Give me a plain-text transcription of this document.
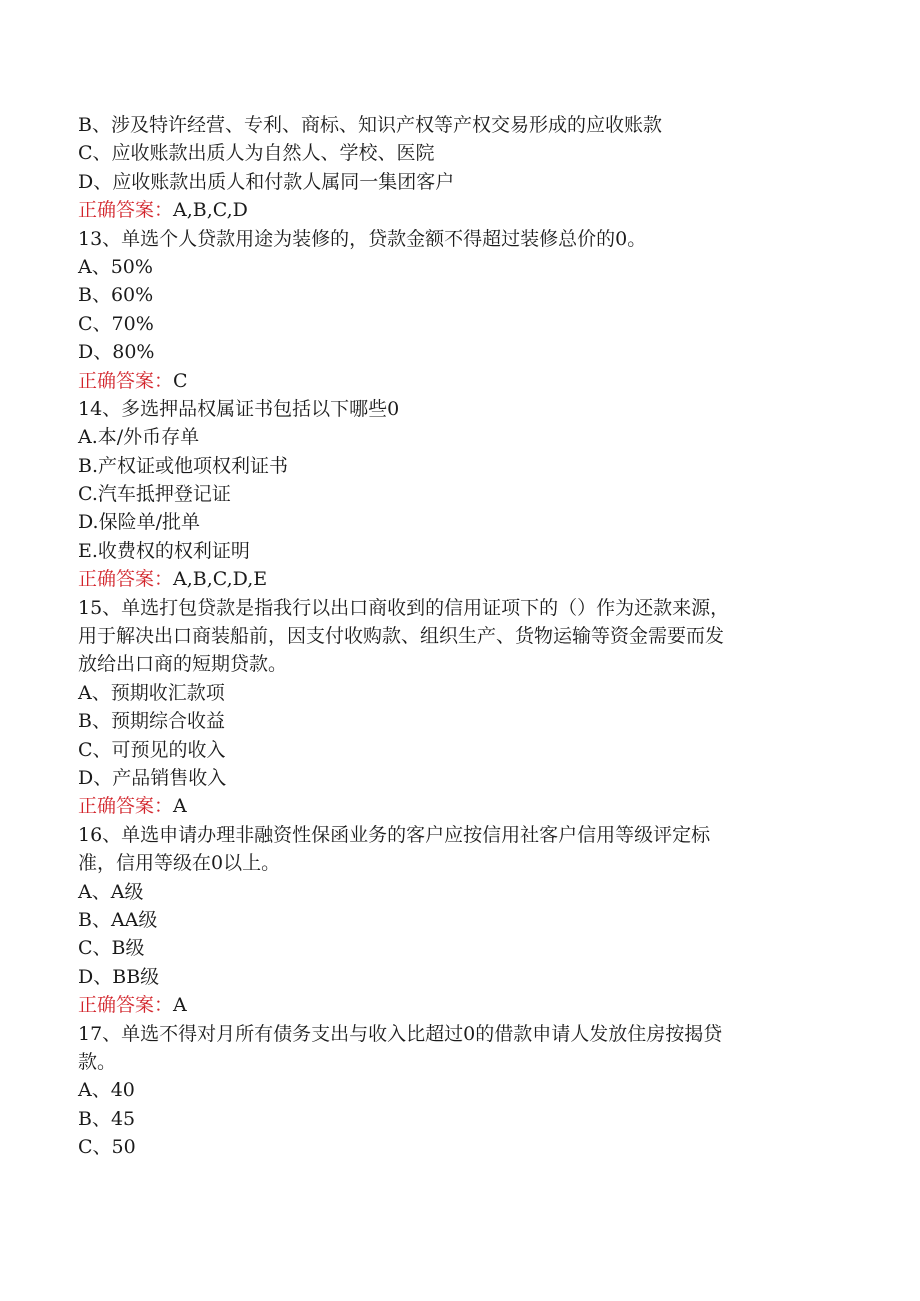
B、涉及特许经营、专利、商标、知识产权等产权交易形成的应收账款
C、应收账款出质人为自然人、学校、医院
D、应收账款出质人和付款人属同一集团客户
正确答案：A,B,C,D
13、单选个人贷款用途为装修的，贷款金额不得超过装修总价的0。
A、50%
B、60%
C、70%
D、80%
正确答案：C
14、多选押品权属证书包括以下哪些0
A.本/外币存单
B.产权证或他项权利证书
C.汽车抵押登记证
D.保险单/批单
E.收费权的权利证明
正确答案：A,B,C,D,E
15、单选打包贷款是指我行以出口商收到的信用证项下的（）作为还款来源，
用于解决出口商装船前，因支付收购款、组织生产、货物运输等资金需要而发
放给出口商的短期贷款。
A、预期收汇款项
B、预期综合收益
C、可预见的收入
D、产品销售收入
正确答案：A
16、单选申请办理非融资性保函业务的客户应按信用社客户信用等级评定标
准，信用等级在0以上。
A、A级
B、AA级
C、B级
D、BB级
正确答案：A
17、单选不得对月所有债务支出与收入比超过0的借款申请人发放住房按揭贷
款。
A、40
B、45
C、50
